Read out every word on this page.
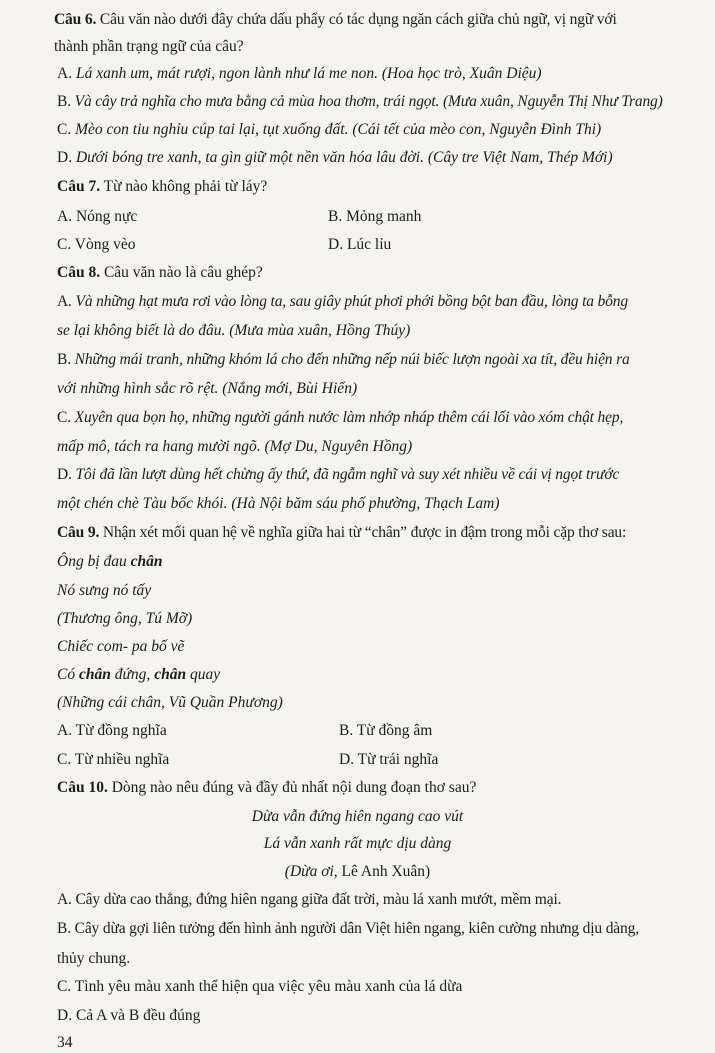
Câu 6. Câu văn nào dưới đây chứa dấu phẩy có tác dụng ngăn cách giữa chủ ngữ, vị ngữ với
thành phần trạng ngữ của câu?
A. Lá xanh um, mát rượi, ngon lành như lá me non. (Hoa học trò, Xuân Diệu)
B. Và cây trả nghĩa cho mưa bằng cả mùa hoa thơm, trái ngọt. (Mưa xuân, Nguyễn Thị Như Trang)
C. Mèo con tiu nghỉu cúp tai lại, tụt xuống đất. (Cái tết của mèo con, Nguyễn Đình Thi)
D. Dưới bóng tre xanh, ta gìn giữ một nền văn hóa lâu đời. (Cây tre Việt Nam, Thép Mới)
Câu 7. Từ nào không phải từ láy?
A. Nóng nực	B. Mỏng manh
C. Vòng vèo	D. Lúc lỉu
Câu 8. Câu văn nào là câu ghép?
A. Và những hạt mưa rơi vào lòng ta, sau giây phút phơi phới bồng bột ban đầu, lòng ta bỗng
se lại không biết là do đâu. (Mưa mùa xuân, Hồng Thúy)
B. Những mái tranh, những khóm lá cho đến những nếp núi biếc lượn ngoài xa tít, đều hiện ra
với những hình sắc rõ rệt. (Nắng mới, Bùi Hiển)
C. Xuyên qua bọn họ, những người gánh nước làm nhớp nháp thêm cái lối vào xóm chật hẹp,
mấp mô, tách ra hang mười ngõ. (Mợ Du, Nguyên Hồng)
D. Tôi đã lần lượt dùng hết chừng ấy thứ, đã ngẫm nghĩ và suy xét nhiều về cái vị ngọt trước
một chén chè Tàu bốc khói. (Hà Nội băm sáu phố phường, Thạch Lam)
Câu 9. Nhận xét mối quan hệ về nghĩa giữa hai từ “chân” được in đậm trong mỗi cặp thơ sau:
Ông bị đau chân
Nó sưng nó tấy
(Thương ông, Tú Mỡ)
Chiếc com- pa bố vẽ
Có chân đứng, chân quay
(Những cái chân, Vũ Quần Phương)
A. Từ đồng nghĩa	B. Từ đồng âm
C. Từ nhiều nghĩa	D. Từ trái nghĩa
Câu 10. Dòng nào nêu đúng và đầy đủ nhất nội dung đoạn thơ sau?
Dừa vẫn đứng hiên ngang cao vút
Lá vẫn xanh rất mực dịu dàng
(Dừa ơi, Lê Anh Xuân)
A. Cây dừa cao thẳng, đứng hiên ngang giữa đất trời, màu lá xanh mướt, mềm mại.
B. Cây dừa gợi liên tưởng đến hình ảnh người dân Việt hiên ngang, kiên cường nhưng dịu dàng,
thủy chung.
C. Tình yêu màu xanh thể hiện qua việc yêu màu xanh của lá dừa
D. Cả A và B đều đúng
34
